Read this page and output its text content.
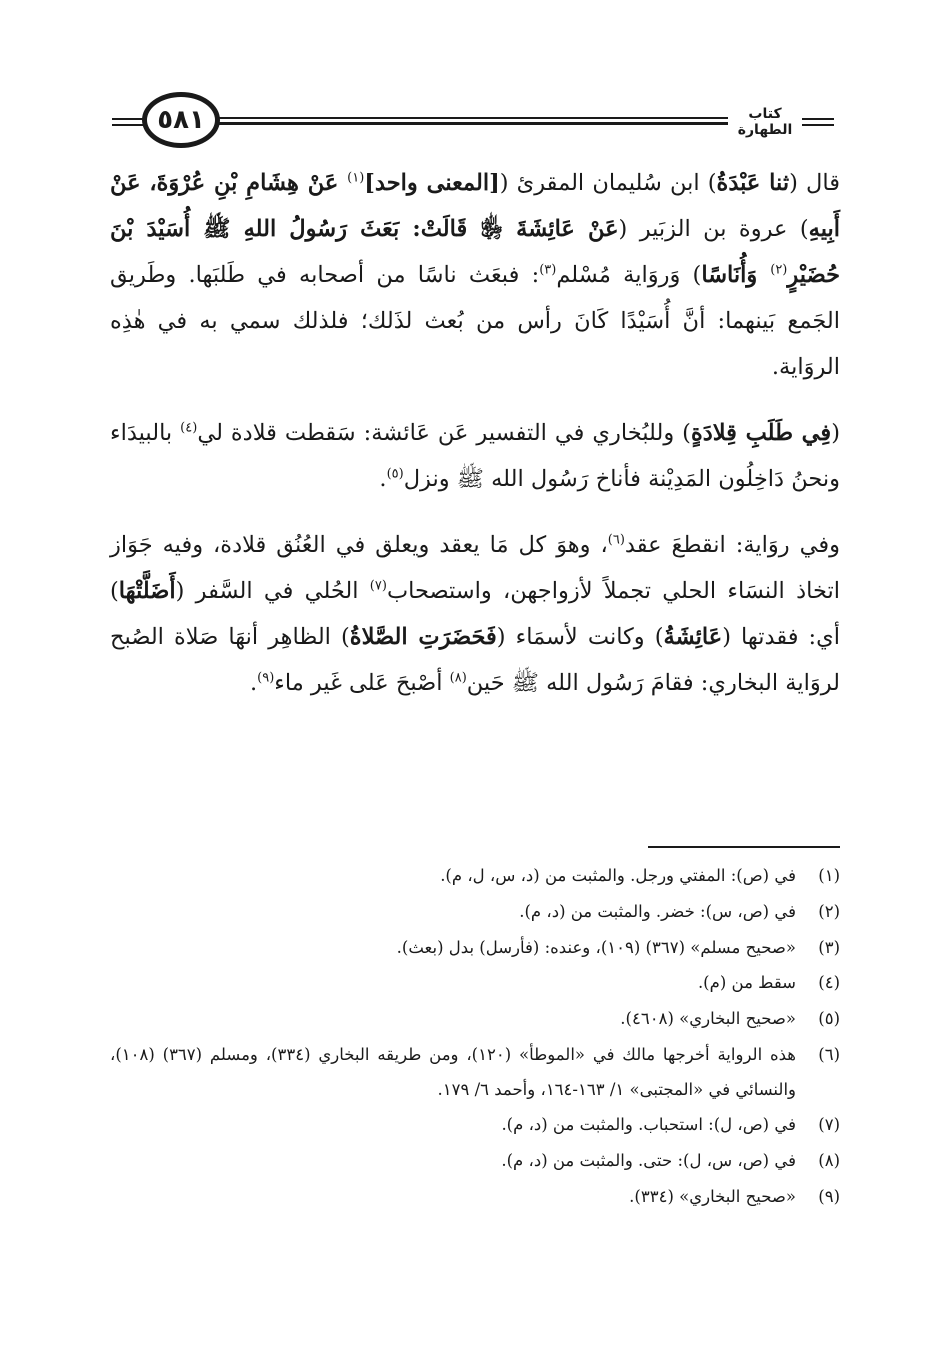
كتاب الطهارة
٥٨١

قال (ثنا عَبْدَةُ) ابن سُليمان المقرئ ([المعنى واحد]$^{(١)}$ عَنْ هِشَامِ بْنِ عُرْوَةَ، عَنْ أَبِيهِ) عروة بن الزبَير (عَنْ عَائِشَةَ ﵂ قَالَتْ: بَعَثَ رَسُولُ اللهِ ﷺ أُسَيْدَ بْنَ حُضَيْرٍ$^{(٢)}$ وَأُنَاسًا) وَروَاية مُسْلم$^{(٣)}$: فبعَث ناسًا من أصحابه في طَلبَها. وطَريق الجَمع بَينهما: أنَّ أُسَيْدًا كَانَ رأس من بُعث لذَلك؛ فلذلك سمي به في هٰذِه الروَاية.

(فِي طَلَبِ قِلادَةٍ) وللبُخاري في التفسير عَن عَائشة: سَقطت قلادة لي$^{(٤)}$ بالبيدَاء ونحنُ دَاخِلُون المَدِيْنة فأناخ رَسُول الله ﷺ ونزل$^{(٥)}$.

وفي روَاية: انقطعَ عقد$^{(٦)}$، وهوَ كل مَا يعقد ويعلق في العُنُق قلادة، وفيه جَوَاز اتخاذ النسَاء الحلي تجملاً لأزواجهن، واستصحاب$^{(٧)}$ الحُلي في السَّفر (أَضَلَّتْهَا) أي: فقدتها (عَائِشَةُ) وكانت لأسمَاء (فَحَضَرَتِ الصَّلاةُ) الظاهِر أنهَا صَلاة الصُبح لروَاية البخاري: فقامَ رَسُول الله ﷺ حَين$^{(٨)}$ أصْبحَ عَلى غَير ماء$^{(٩)}$.

(١)
في (ص): المفتي ورجل. والمثبت من (د، س، ل، م).
(٢)
في (ص، س): خضر. والمثبت من (د، م).
(٣)
«صحيح مسلم» (٣٦٧) (١٠٩)، وعنده: (فأرسل) بدل (بعث).
(٤)
سقط من (م).
(٥)
«صحيح البخاري» (٤٦٠٨).
(٦)
هذه الرواية أخرجها مالك في «الموطأ» (١٢٠)، ومن طريقه البخاري (٣٣٤)، ومسلم (٣٦٧) (١٠٨)، والنسائي في «المجتبى» ١/ ١٦٣-١٦٤، وأحمد ٦/ ١٧٩.
(٧)
في (ص، ل): استحباب. والمثبت من (د، م).
(٨)
في (ص، س، ل): حتى. والمثبت من (د، م).
(٩)
«صحيح البخاري» (٣٣٤).
